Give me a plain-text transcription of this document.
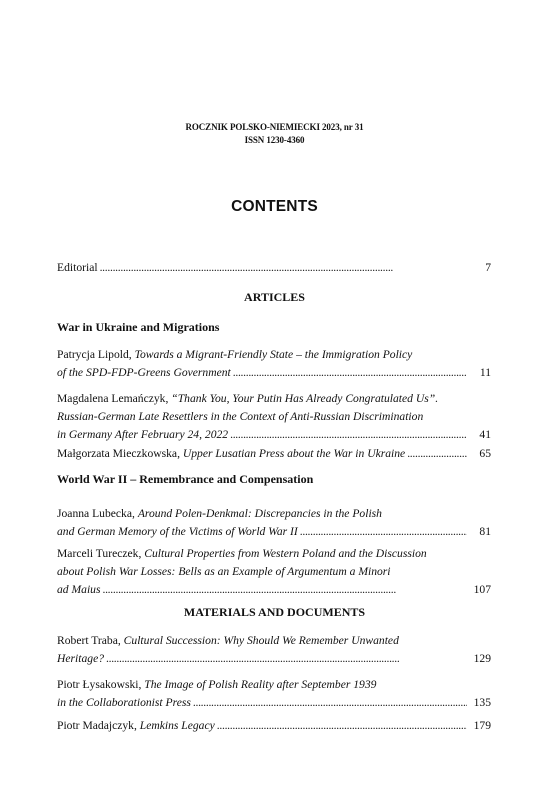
ROCZNIK POLSKO-NIEMIECKI 2023, nr 31
ISSN 1230-4360
CONTENTS
Editorial . . .	7
ARTICLES
War in Ukraine and Migrations
Patrycja Lipold, Towards a Migrant-Friendly State – the Immigration Policy
of the SPD-FDP-Greens Government . . .	11
Magdalena Lemańczyk, “Thank You, Your Putin Has Already Congratulated Us”.
Russian-German Late Resettlers in the Context of Anti-Russian Discrimination
in Germany After February 24, 2022 . . .	41
Małgorzata Mieczkowska, Upper Lusatian Press about the War in Ukraine . . .	65
World War II – Remembrance and Compensation
Joanna Lubecka, Around Polen-Denkmal: Discrepancies in the Polish
and German Memory of the Victims of World War II . . .	81
Marceli Tureczek, Cultural Properties from Western Poland and the Discussion
about Polish War Losses: Bells as an Example of Argumentum a Minori
ad Maius . . .	107
MATERIALS AND DOCUMENTS
Robert Traba, Cultural Succession: Why Should We Remember Unwanted
Heritage? . . .	129
Piotr Łysakowski, The Image of Polish Reality after September 1939
in the Collaborationist Press . . .	135
Piotr Madajczyk, Lemkins Legacy . . .	179
